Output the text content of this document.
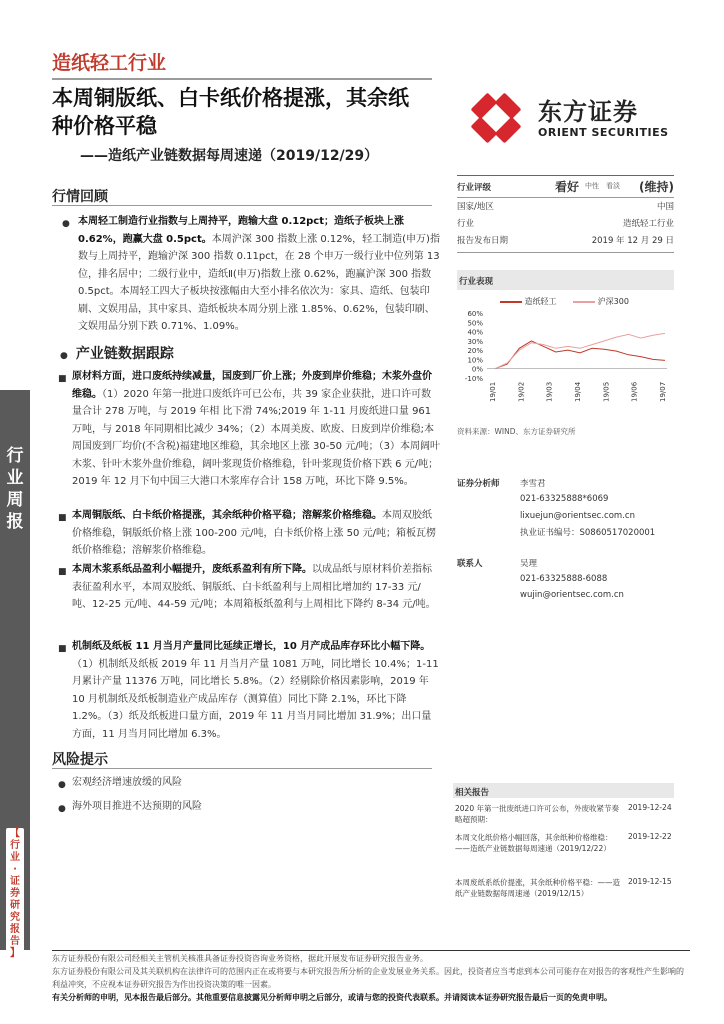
造纸轻工行业
本周铜版纸、白卡纸价格提涨，其余纸
种价格平稳
——造纸产业链数据每周速递（2019/12/29）
东方证券
ORIENT SECURITIES
行情回顾
● 本周轻工制造行业指数与上周持平，跑输大盘 0.12pct；造纸子板块上涨 0.62%，跑赢大盘 0.5pct。本周沪深 300 指数上涨 0.12%，轻工制造(申万)指数与上周持平，跑输沪深 300 指数 0.11pct，在 28 个申万一级行业中位列第 13 位，排名居中；二级行业中，造纸Ⅱ(申万)指数上涨 0.62%，跑赢沪深 300 指数 0.5pct。本周轻工四大子板块按涨幅由大至小排名依次为：家具、造纸、包装印刷、文娱用品，其中家具、造纸板块本周分别上涨 1.85%、0.62%，包装印刷、文娱用品分别下跌 0.71%、1.09%。
● 产业链数据跟踪
■ 原材料方面，进口废纸持续减量，国废到厂价上涨；外废到岸价维稳；木浆外盘价维稳。（1）2020 年第一批进口废纸许可已公布，共 39 家企业获批，进口许可数量合计 278 万吨，与 2019 年相 比下滑 74%;2019 年 1-11 月废纸进口量 961 万吨，与 2018 年同期相比减少 34%；（2）本周美废、欧废、日废到岸价维稳;本周国废到厂均价(不含税)福建地区维稳，其余地区上涨 30-50 元/吨；（3）本周阔叶木浆、针叶木浆外盘价维稳，阔叶浆现货价格维稳，针叶浆现货价格下跌 6 元/吨；2019 年 12 月下旬中国三大港口木浆库存合计 158 万吨，环比下降 9.5%。
■ 本周铜版纸、白卡纸价格提涨，其余纸种价格平稳；溶解浆价格维稳。本周双胶纸价格维稳，铜版纸价格上涨 100-200 元/吨，白卡纸价格上涨 50 元/吨；箱板瓦楞纸价格维稳；溶解浆价格维稳。
■ 本周木浆系纸品盈利小幅提升，废纸系盈利有所下降。以成品纸与原材料价差指标表征盈利水平，本周双胶纸、铜版纸、白卡纸盈利与上周相比增加约 17-33 元/吨、12-25 元/吨、44-59 元/吨；本周箱板纸盈利与上周相比下降约 8-34 元/吨。
■ 机制纸及纸板 11 月当月产量同比延续正增长，10 月产成品库存环比小幅下降。（1）机制纸及纸板 2019 年 11 月当月产量 1081 万吨，同比增长 10.4%；1-11 月累计产量 11376 万吨，同比增长 5.8%。（2）经剔除价格因素影响，2019 年 10 月机制纸及纸板制造业产成品库存（测算值）同比下降 2.1%，环比下降 1.2%。（3）纸及纸板进口量方面，2019 年 11 月当月同比增加 31.9%；出口量方面，11 月当月同比增加 6.3%。
风险提示
● 宏观经济增速放缓的风险
● 海外项目推进不达预期的风险
行
业
周
报
【
行
业
·
证
券
研
究
报
告
】
行业评级	看好 中性　看淡 (维持)
国家/地区	中国
行业	造纸轻工行业
报告发布日期	2019 年 12 月 29 日
行业表现
造纸轻工	沪深300
60%
50%
40%
30%
20%
10%
0%
-10%
19/01	19/02	19/03	19/04	19/05	19/06	19/07
资料来源：WIND、东方证券研究所
证券分析师 李雪君
021-63325888*6069
lixuejun@orientsec.com.cn
执业证书编号：S0860517020001
联系人	吴理
021-63325888-6088
wujin@orientsec.com.cn
相关报告
2020 年第一批废纸进口许可公布，外废收紧节奏略超预期：
2019-12-24
本周文化纸价格小幅回落，其余纸种价格维稳：——造纸产业链数据每周速递（2019/12/22）
2019-12-22
本周废纸系纸价提涨，其余纸种价格平稳：——造纸产业链数据每周速递（2019/12/15）
2019-12-15
东方证券股份有限公司经相关主管机关核准具备证券投资咨询业务资格，据此开展发布证券研究报告业务。
东方证券股份有限公司及其关联机构在法律许可的范围内正在或将要与本研究报告所分析的企业发展业务关系。因此，投资者应当考虑到本公司可能存在对报告的客观性产生影响的利益冲突，不应视本证券研究报告为作出投资决策的唯一因素。
有关分析师的申明，见本报告最后部分。其他重要信息披露见分析师申明之后部分，或请与您的投资代表联系。并请阅读本证券研究报告最后一页的免责申明。
